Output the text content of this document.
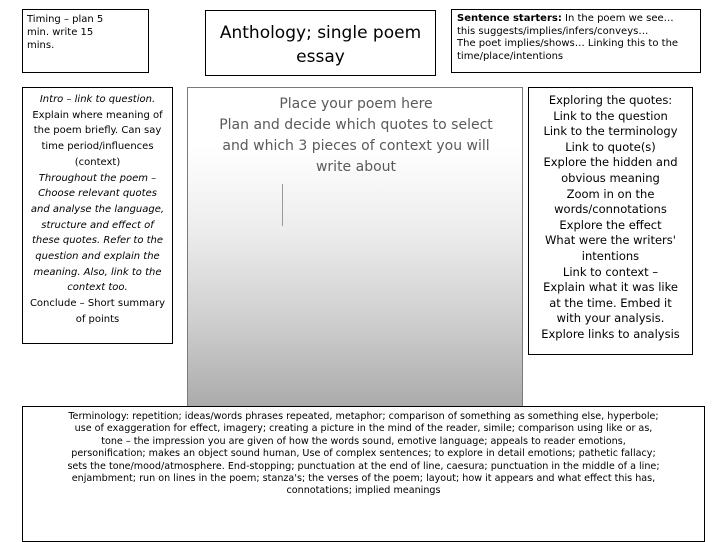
Timing – plan 5
min. write 15
mins.
Anthology; single poem
essay
Sentence starters: In the poem we see…
this suggests/implies/infers/conveys…
The poet implies/shows… Linking this to the
time/place/intentions
Intro – link to question.
Explain where meaning of
the poem briefly. Can say
time period/influences
(context)
Throughout the poem –
Choose relevant quotes
and analyse the language,
structure and effect of
these quotes. Refer to the
question and explain the
meaning. Also, link to the
context too.
Conclude – Short summary
of points
Place your poem here
Plan and decide which quotes to select
and which 3 pieces of context you will
write about
Exploring the quotes:
Link to the question
Link to the terminology
Link to quote(s)
Explore the hidden and
obvious meaning
Zoom in on the
words/connotations
Explore the effect
What were the writers'
intentions
Link to context –
Explain what it was like
at the time. Embed it
with your analysis.
Explore links to analysis
Terminology: repetition; ideas/words phrases repeated, metaphor; comparison of something as something else, hyperbole;
use of exaggeration for effect, imagery; creating a picture in the mind of the reader, simile; comparison using like or as,
tone – the impression you are given of how the words sound, emotive language; appeals to reader emotions,
personification; makes an object sound human, Use of complex sentences; to explore in detail emotions; pathetic fallacy;
sets the tone/mood/atmosphere. End-stopping; punctuation at the end of line, caesura; punctuation in the middle of a line;
enjambment; run on lines in the poem; stanza's; the verses of the poem; layout; how it appears and what effect this has,
connotations; implied meanings
